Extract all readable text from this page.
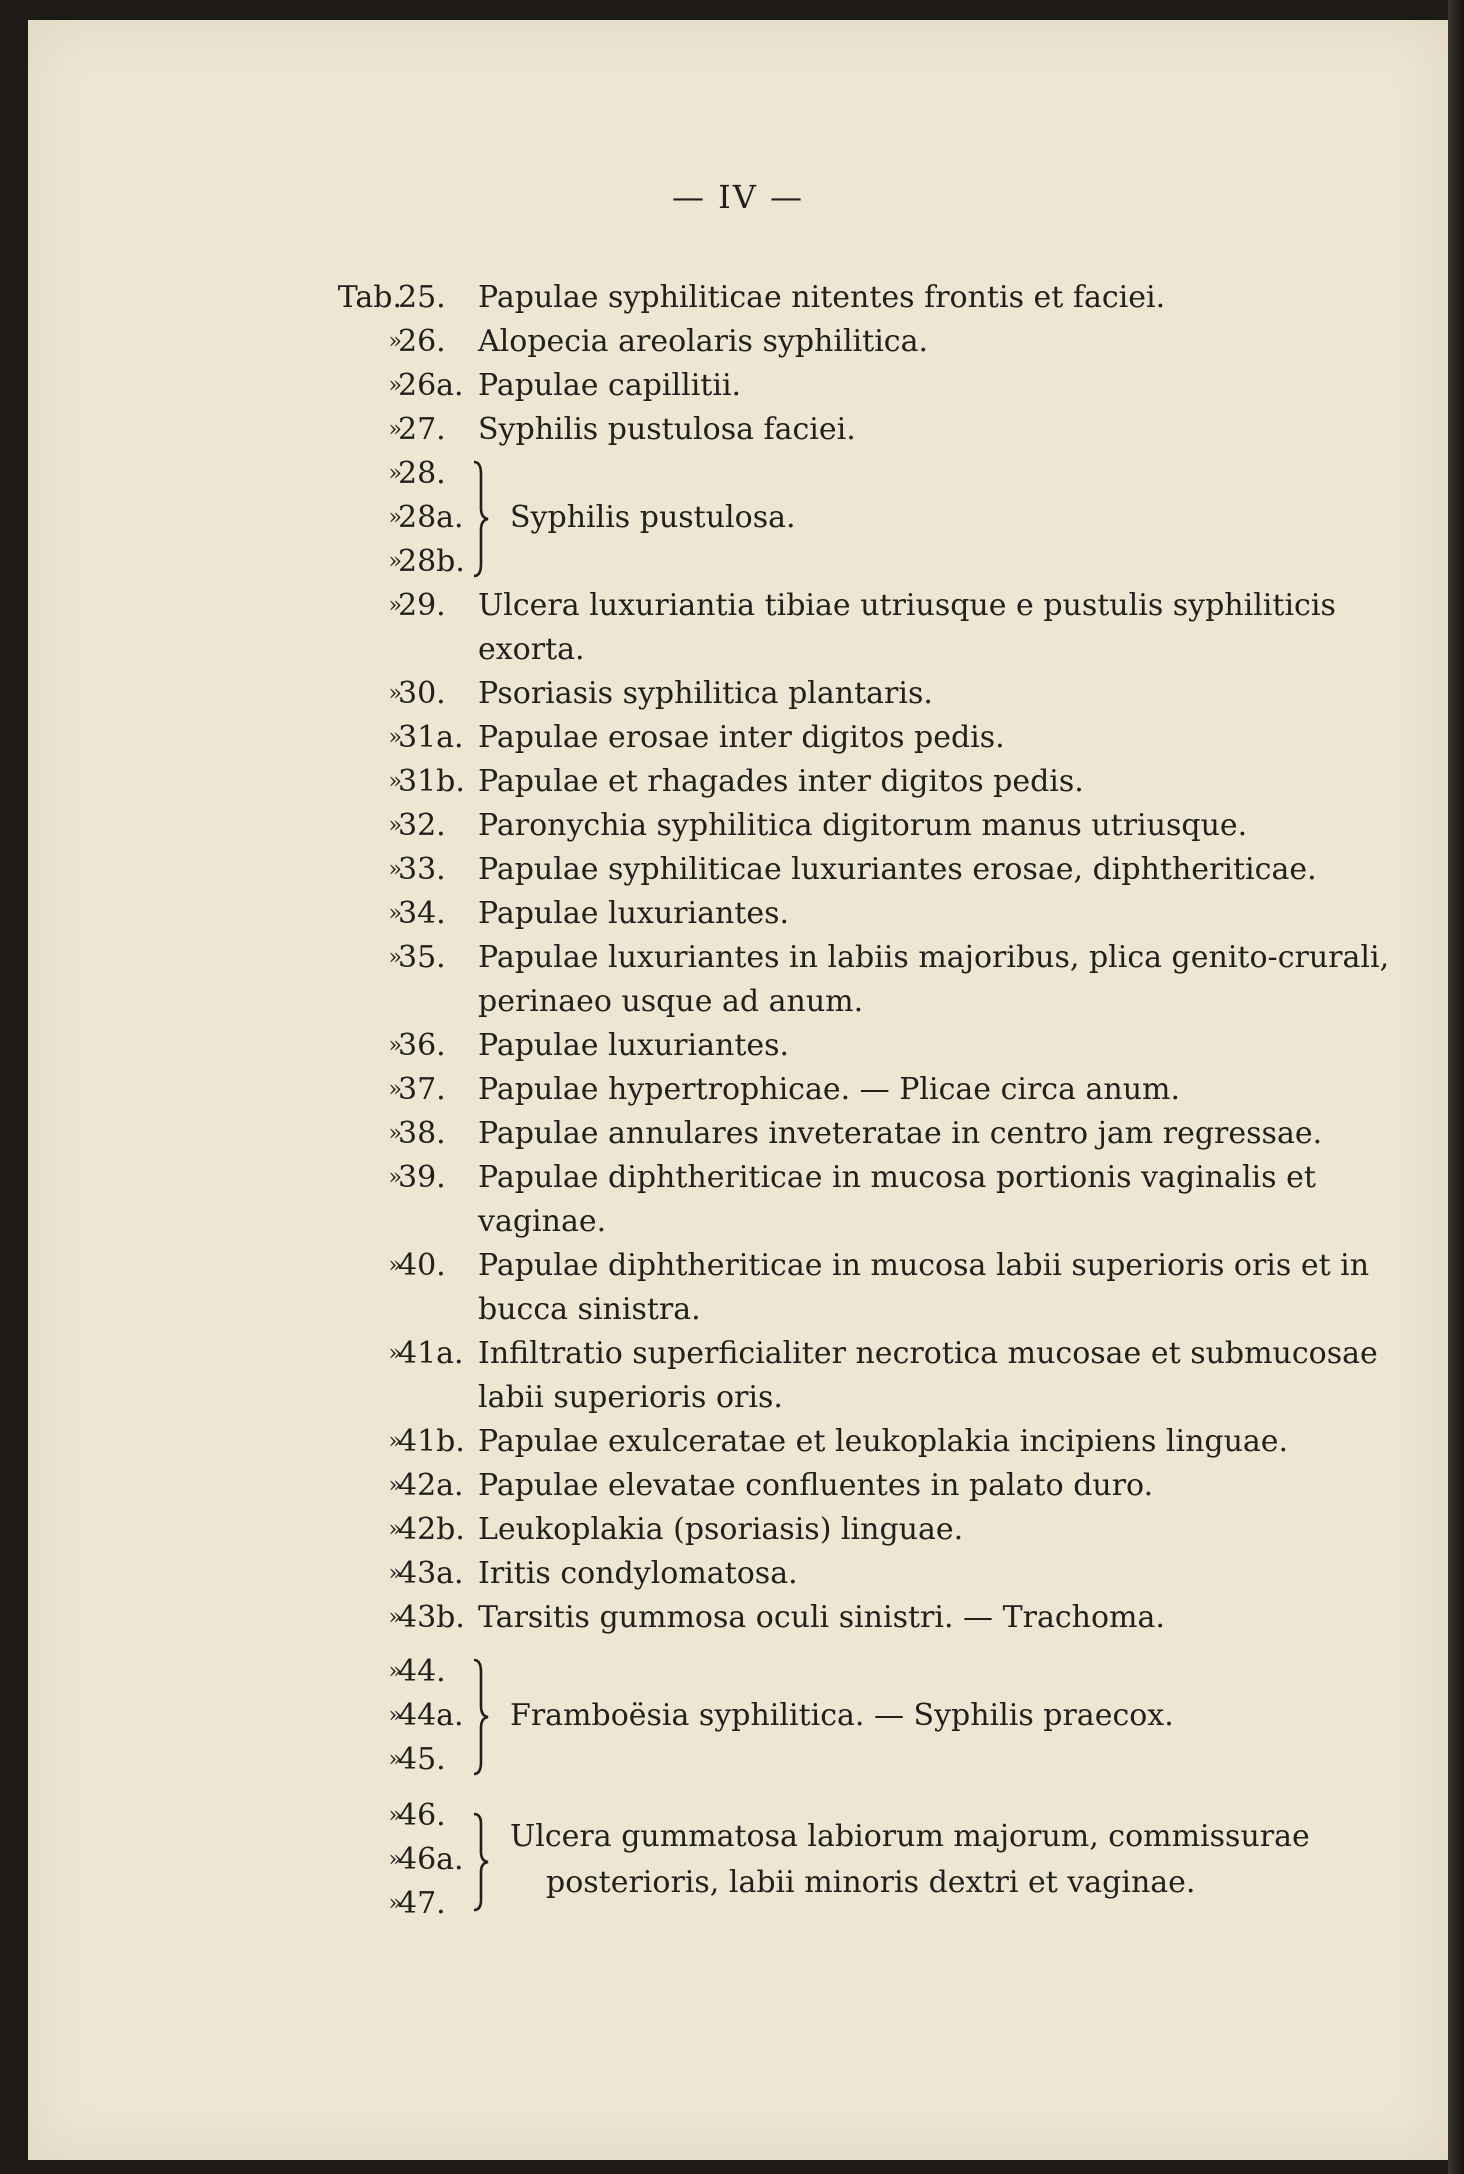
— IV —
Tab.
25. Papulae syphiliticae nitentes frontis et faciei.
»
26. Alopecia areolaris syphilitica.
»
26a. Papulae capillitii.
»
27. Syphilis pustulosa faciei.
»
28.
»
28a.
»
28b.
Syphilis pustulosa.
»
29. Ulcera luxuriantia tibiae utriusque e pustulis syphiliticis exorta.
»
30. Psoriasis syphilitica plantaris.
»
31a. Papulae erosae inter digitos pedis.
»
31b. Papulae et rhagades inter digitos pedis.
»
32. Paronychia syphilitica digitorum manus utriusque.
»
33. Papulae syphiliticae luxuriantes erosae, diphtheriticae.
»
34. Papulae luxuriantes.
»
35. Papulae luxuriantes in labiis majoribus, plica genito-crurali, perinaeo usque ad anum.
»
36. Papulae luxuriantes.
»
37. Papulae hypertrophicae. — Plicae circa anum.
»
38. Papulae annulares inveteratae in centro jam regressae.
»
39. Papulae diphtheriticae in mucosa portionis vaginalis et vaginae.
»
40. Papulae diphtheriticae in mucosa labii superioris oris et in bucca sinistra.
»
41a. Infiltratio superficialiter necrotica mucosae et submucosae labii superioris oris.
»
41b. Papulae exulceratae et leukoplakia incipiens linguae.
»
42a. Papulae elevatae confluentes in palato duro.
»
42b. Leukoplakia (psoriasis) linguae.
»
43a. Iritis condylomatosa.
»
43b. Tarsitis gummosa oculi sinistri. — Trachoma.
»
44.
»
44a.
»
45.
Framboësia syphilitica. — Syphilis praecox.
»
46.
»
46a.
»
47.
Ulcera gummatosa labiorum majorum, commissurae
posterioris, labii minoris dextri et vaginae.
